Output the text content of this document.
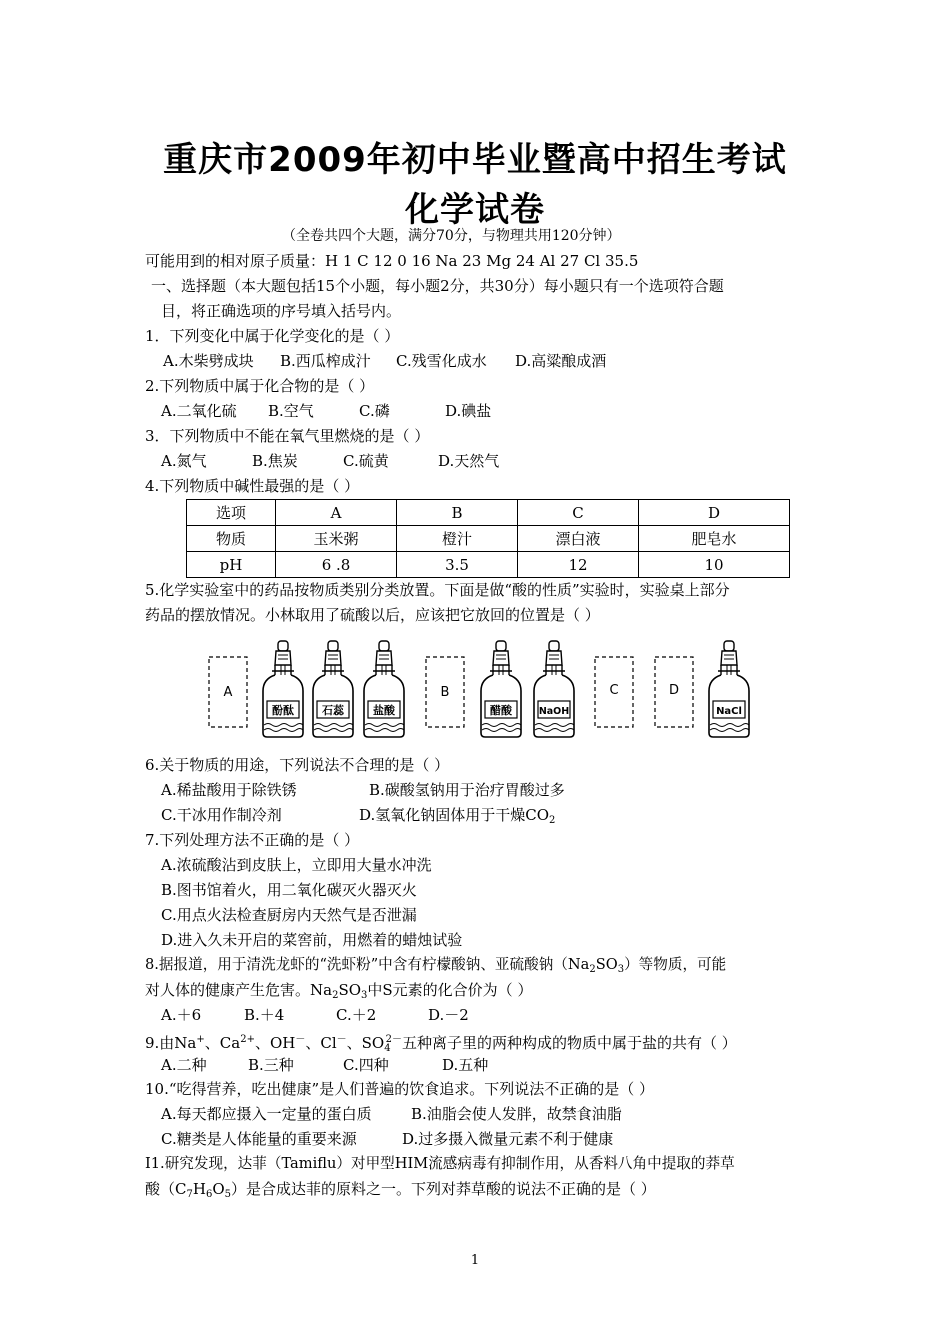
重庆市2009年初中毕业暨高中招生考试
化学试卷
（全卷共四个大题，满分70分，与物理共用120分钟）
可能用到的相对原子质量：H 1 C 12 0 16 Na 23 Mg 24 Al 27 Cl 35.5
一、选择题（本大题包括15个小题，每小题2分，共30分）每小题只有一个选项符合题
目，将正确选项的序号填入括号内。
1．下列变化中属于化学变化的是（ ）
A.木柴劈成块 B.西瓜榨成汁 C.残雪化成水 D.高粱酿成酒
2.下列物质中属于化合物的是（ ）
A.二氧化硫 B.空气	C.磷	D.碘盐
3．下列物质中不能在氧气里燃烧的是（ ）
A.氮气	B.焦炭	C.硫黄	D.天然气
4.下列物质中碱性最强的是（ ）
选项	A	B	C	D
物质	玉米粥	橙汁	漂白液	肥皂水
pH	6 .8	3.5	12	10
5.化学实验室中的药品按物质类别分类放置。下面是做“酸的性质”实验时，实验桌上部分
药品的摆放情况。小林取用了硫酸以后，应该把它放回的位置是（ ）
A
酚酞	石蕊	盐酸
B
醋酸	NaOH
C	D
NaCl
6.关于物质的用途，下列说法不合理的是（ ）
A.稀盐酸用于除铁锈	B.碳酸氢钠用于治疗胃酸过多
C.干冰用作制冷剂	D.氢氧化钠固体用于干燥$CO_2$
7.下列处理方法不正确的是（ ）
A.浓硫酸沾到皮肤上，立即用大量水冲洗
B.图书馆着火，用二氧化碳灭火器灭火
C.用点火法检查厨房内天然气是否泄漏
D.进入久未开启的菜窖前，用燃着的蜡烛试验
8.据报道，用于清洗龙虾的“洗虾粉”中含有柠檬酸钠、亚硫酸钠$(Na_2SO_3)$等物质，可能
对人体的健康产生危害。$Na_2SO_3$中S元素的化合价为（ ）
A.＋6	B.＋4	C.＋2	D.－2
9.由Na+、$Ca^{2+}$、OH－、Cl－、$SO_4^{2-}$五种离子里的两种构成的物质中属于盐的共有（ ）
A.二种	B.三种	C.四种	D.五种
10.“吃得营养，吃出健康”是人们普遍的饮食追求。下列说法不正确的是（ ）
A.每天都应摄入一定量的蛋白质	B.油脂会使人发胖，故禁食油脂
C.糖类是人体能量的重要来源	D.过多摄入微量元素不利于健康
I1.研究发现，达菲（Tamiflu）对甲型HIM流感病毒有抑制作用，从香料八角中提取的莽草
酸$(C_7H_6O_5)$是合成达菲的原料之一。下列对莽草酸的说法不正确的是（ ）
1
